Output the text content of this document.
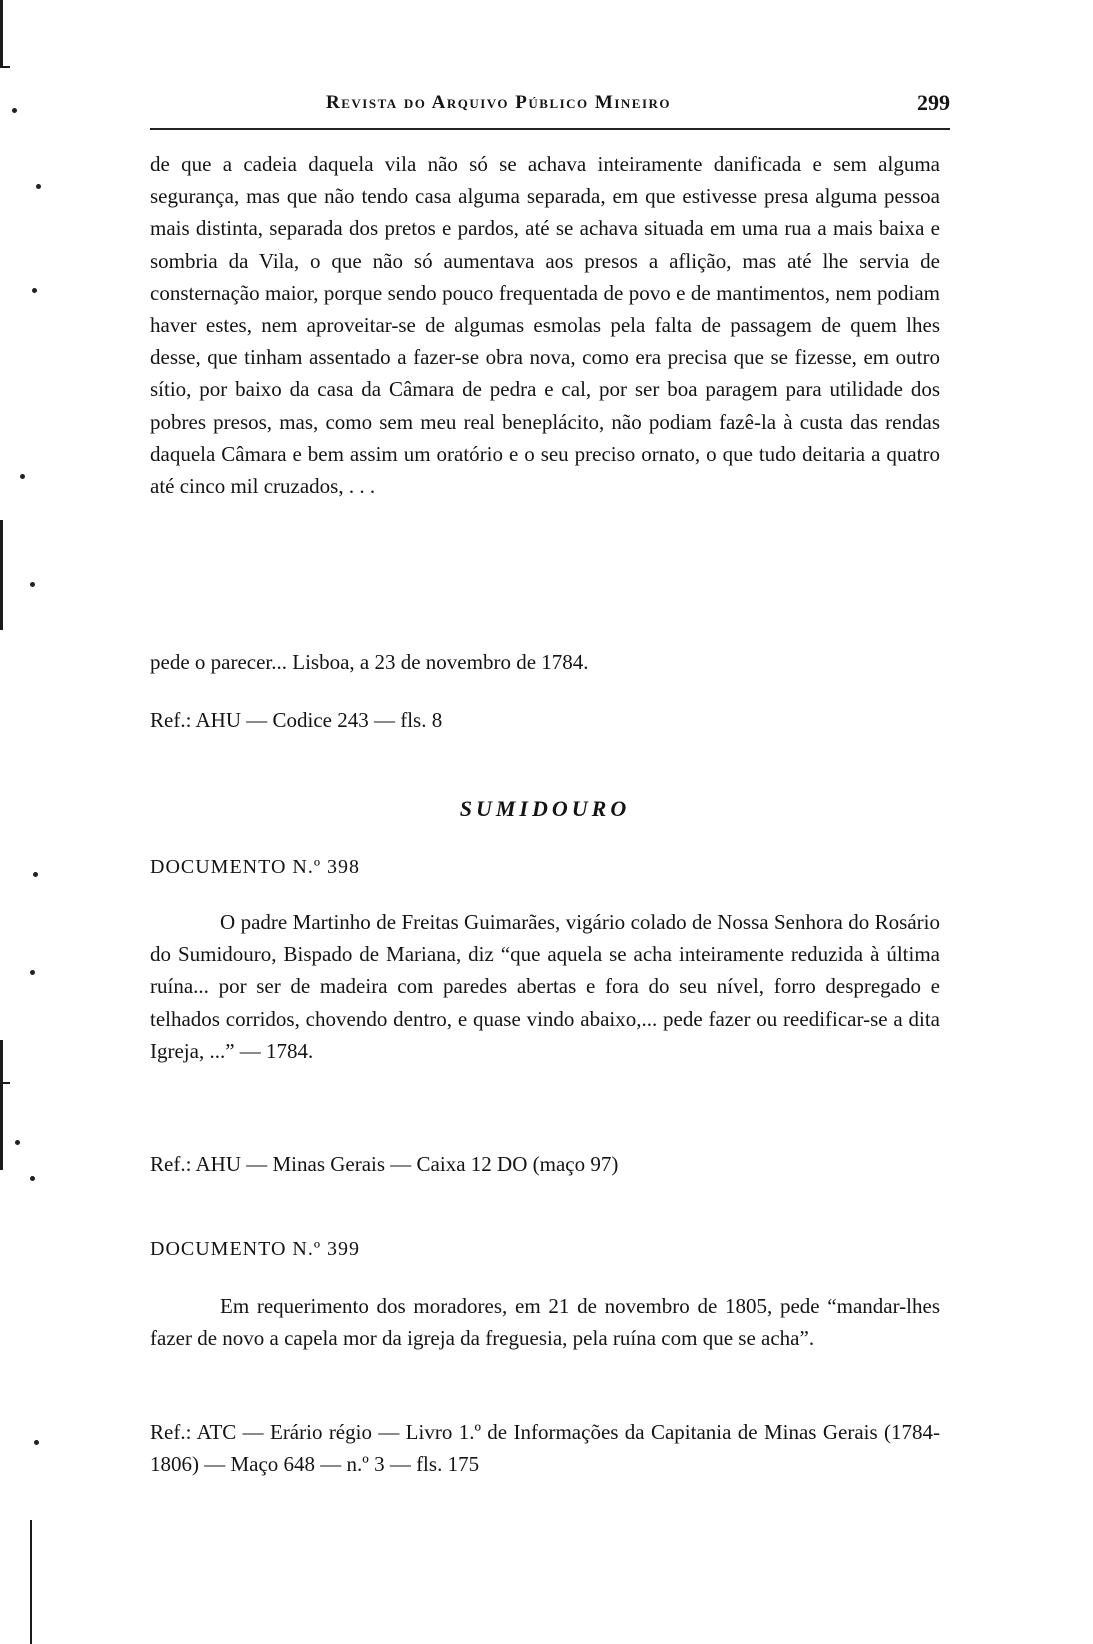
Revista do Arquivo Público Mineiro	299
de que a cadeia daquela vila não só se achava inteiramente danificada e sem alguma segurança, mas que não tendo casa alguma separada, em que estivesse presa alguma pessoa mais distinta, separada dos pretos e pardos, até se achava situada em uma rua a mais baixa e sombria da Vila, o que não só aumentava aos presos a aflição, mas até lhe servia de consternação maior, porque sendo pouco frequentada de povo e de mantimentos, nem podiam haver estes, nem aproveitar-se de algumas esmolas pela falta de passagem de quem lhes desse, que tinham assentado a fazer-se obra nova, como era precisa que se fizesse, em outro sítio, por baixo da casa da Câmara de pedra e cal, por ser boa paragem para utilidade dos pobres presos, mas, como sem meu real beneplácito, não podiam fazê-la à custa das rendas daquela Câmara e bem assim um oratório e o seu preciso ornato, o que tudo deitaria a quatro até cinco mil cruzados, . . .
pede o parecer... Lisboa, a 23 de novembro de 1784.
Ref.: AHU — Codice 243 — fls. 8
SUMIDOURO
DOCUMENTO N.º 398
O padre Martinho de Freitas Guimarães, vigário colado de Nossa Senhora do Rosário do Sumidouro, Bispado de Mariana, diz “que aquela se acha inteiramente reduzida à última ruína... por ser de madeira com paredes abertas e fora do seu nível, forro despregado e telhados corridos, chovendo dentro, e quase vindo abaixo,... pede fazer ou reedificar-se a dita Igreja, ...” — 1784.
Ref.: AHU — Minas Gerais — Caixa 12 DO (maço 97)
DOCUMENTO N.º 399
Em requerimento dos moradores, em 21 de novembro de 1805, pede “mandar-lhes fazer de novo a capela mor da igreja da freguesia, pela ruína com que se acha”.
Ref.: ATC — Erário régio — Livro 1.º de Informações da Capitania de Minas Gerais (1784-1806) — Maço 648 — n.º 3 — fls. 175
